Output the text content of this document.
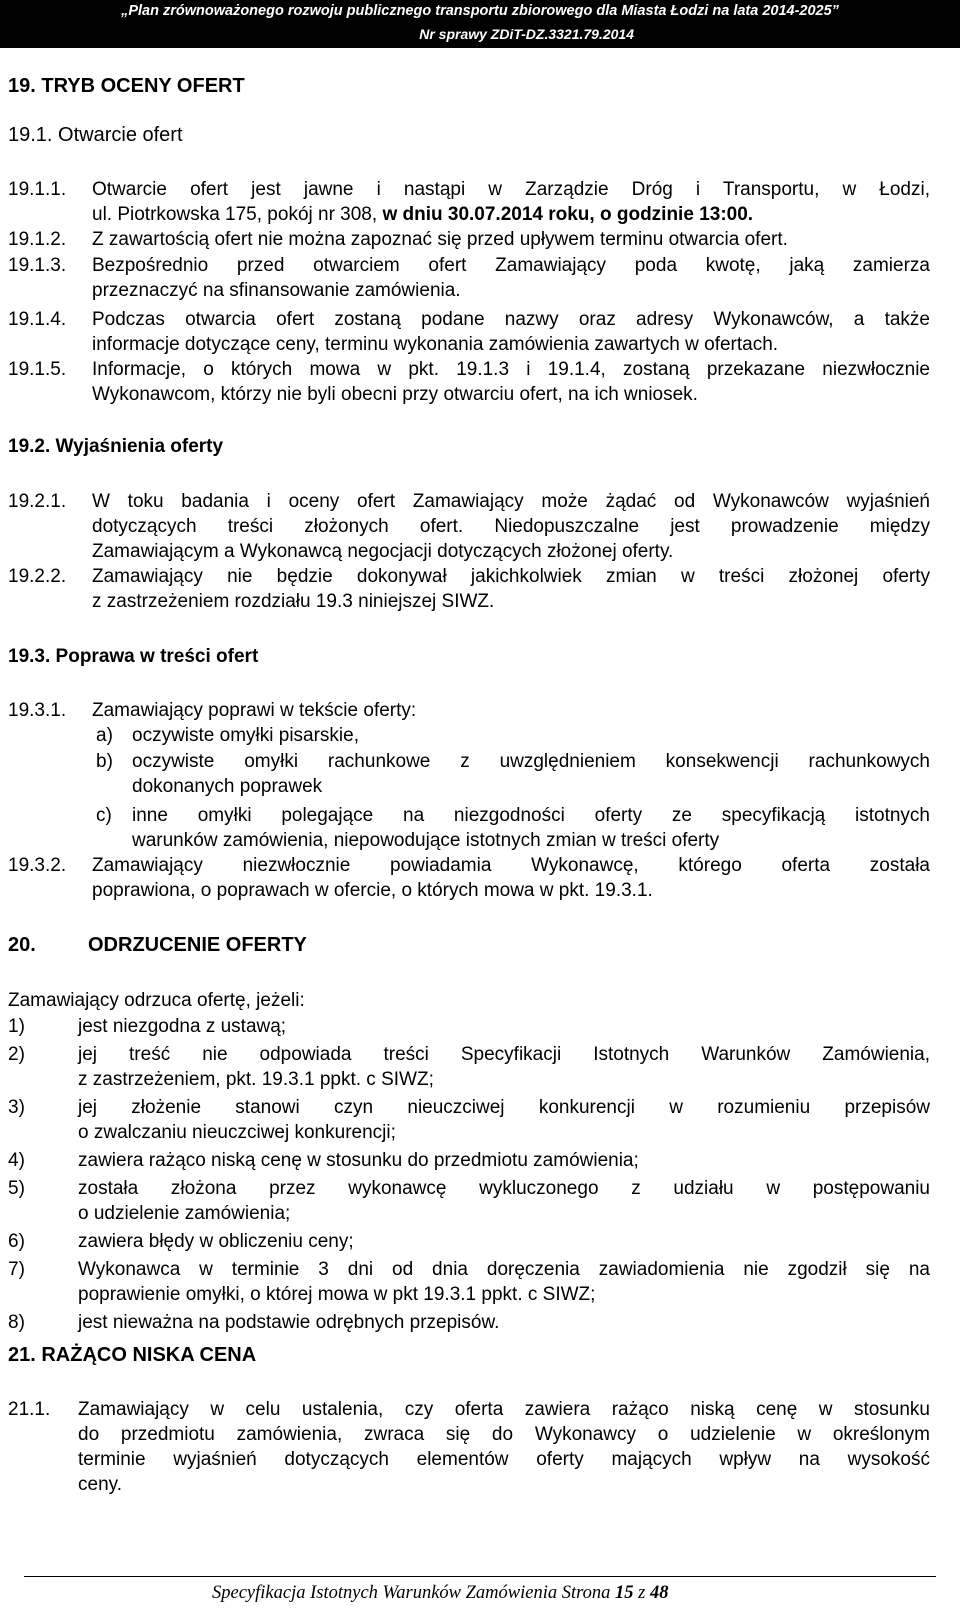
„Plan zrównoważonego rozwoju publicznego transportu zbiorowego dla Miasta Łodzi na lata 2014-2025”
Nr sprawy ZDiT-DZ.3321.79.2014
19. TRYB OCENY OFERT
19.1. Otwarcie ofert
19.1.1. Otwarcie ofert jest jawne i nastąpi w Zarządzie Dróg i Transportu, w Łodzi,
ul. Piotrkowska 175, pokój nr 308, w dniu 30.07.2014 roku, o godzinie 13:00.
19.1.2. Z zawartością ofert nie można zapoznać się przed upływem terminu otwarcia ofert.
19.1.3. Bezpośrednio przed otwarciem ofert Zamawiający poda kwotę, jaką zamierza
przeznaczyć na sfinansowanie zamówienia.
19.1.4. Podczas otwarcia ofert zostaną podane nazwy oraz adresy Wykonawców, a także
informacje dotyczące ceny, terminu wykonania zamówienia zawartych w ofertach.
19.1.5. Informacje, o których mowa w pkt. 19.1.3 i 19.1.4, zostaną przekazane niezwłocznie
Wykonawcom, którzy nie byli obecni przy otwarciu ofert, na ich wniosek.
19.2. Wyjaśnienia oferty
19.2.1. W toku badania i oceny ofert Zamawiający może żądać od Wykonawców wyjaśnień
dotyczących treści złożonych ofert. Niedopuszczalne jest prowadzenie między
Zamawiającym a Wykonawcą negocjacji dotyczących złożonej oferty.
19.2.2. Zamawiający nie będzie dokonywał jakichkolwiek zmian w treści złożonej oferty
z zastrzeżeniem rozdziału 19.3 niniejszej SIWZ.
19.3. Poprawa w treści ofert
19.3.1. Zamawiający poprawi w tekście oferty:
a) oczywiste omyłki pisarskie,
b) oczywiste omyłki rachunkowe z uwzględnieniem konsekwencji rachunkowych
dokonanych poprawek
c) inne omyłki polegające na niezgodności oferty ze specyfikacją istotnych
warunków zamówienia, niepowodujące istotnych zmian w treści oferty
19.3.2. Zamawiający niezwłocznie powiadamia Wykonawcę, którego oferta została
poprawiona, o poprawach w ofercie, o których mowa w pkt. 19.3.1.
20.	ODRZUCENIE OFERTY
Zamawiający odrzuca ofertę, jeżeli:
1)	jest niezgodna z ustawą;
2)	jej treść nie odpowiada treści Specyfikacji Istotnych Warunków Zamówienia,
z zastrzeżeniem, pkt. 19.3.1 ppkt. c SIWZ;
3)	jej złożenie stanowi czyn nieuczciwej konkurencji w rozumieniu przepisów
o zwalczaniu nieuczciwej konkurencji;
4)	zawiera rażąco niską cenę w stosunku do przedmiotu zamówienia;
5)	została złożona przez wykonawcę wykluczonego z udziału w postępowaniu
o udzielenie zamówienia;
6)	zawiera błędy w obliczeniu ceny;
7)	Wykonawca w terminie 3 dni od dnia doręczenia zawiadomienia nie zgodził się na
poprawienie omyłki, o której mowa w pkt 19.3.1 ppkt. c SIWZ;
8)	jest nieważna na podstawie odrębnych przepisów.
21. RAŻĄCO NISKA CENA
21.1. Zamawiający w celu ustalenia, czy oferta zawiera rażąco niską cenę w stosunku
do przedmiotu zamówienia, zwraca się do Wykonawcy o udzielenie w określonym
terminie wyjaśnień dotyczących elementów oferty mających wpływ na wysokość
ceny.
Specyfikacja Istotnych Warunków Zamówienia Strona 15 z 48
